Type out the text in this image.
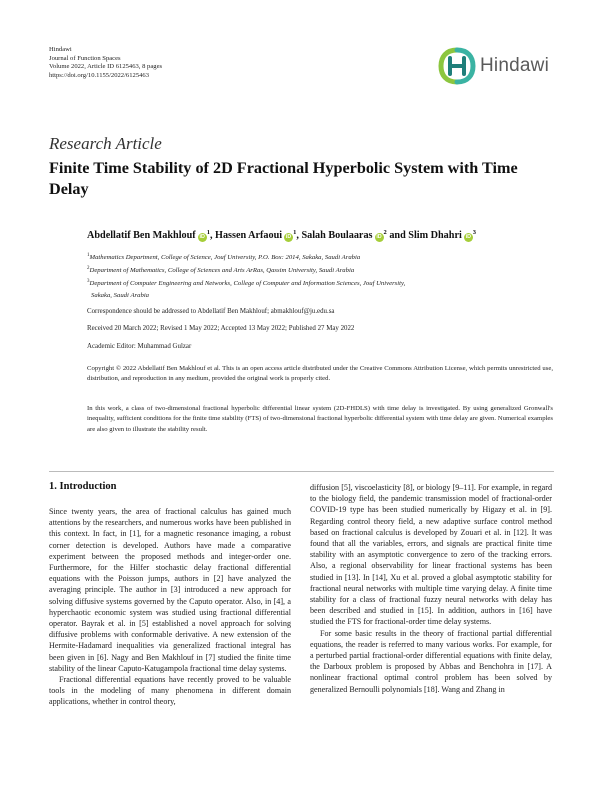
Hindawi
Journal of Function Spaces
Volume 2022, Article ID 6125463, 8 pages
https://doi.org/10.1155/2022/6125463	Hindawi
Research Article
Finite Time Stability of 2D Fractional Hyperbolic System with Time Delay
Abdellatif Ben Makhlouf $iD^1$, Hassen Arfaoui $iD^1$, Salah Boulaaras $iD^2$ and Slim Dhahri $iD^3$
$^1$Mathematics Department, College of Science, Jouf University, P.O. Box: 2014, Sakaka, Saudi Arabia
$^2$Department of Mathematics, College of Sciences and Arts ArRas, Qassim University, Saudi Arabia
$^3$Department of Computer Engineering and Networks, College of Computer and Information Sciences, Jouf University,
Sakaka, Saudi Arabia
Correspondence should be addressed to Abdellatif Ben Makhlouf; abmakhlouf@ju.edu.sa
Received 20 March 2022; Revised 1 May 2022; Accepted 13 May 2022; Published 27 May 2022
Academic Editor: Muhammad Gulzar
Copyright © 2022 Abdellatif Ben Makhlouf et al. This is an open access article distributed under the Creative Commons Attribution License, which permits unrestricted use, distribution, and reproduction in any medium, provided the original work is properly cited.
In this work, a class of two-dimensional fractional hyperbolic differential linear system (2D-FHDLS) with time delay is investigated. By using generalized Gronwall's inequality, sufficient conditions for the finite time stability (FTS) of two-dimensional fractional hyperbolic differential system with time delay are given. Numerical examples are also given to illustrate the stability result.
1. Introduction

Since twenty years, the area of fractional calculus has gained much attentions by the researchers, and numerous works have been published in this context. In fact, in [1], for a magnetic resonance imaging, a robust corner detection is developed. Authors have made a comparative experiment between the proposed methods and integer-order one. Furthermore, for the Hilfer stochastic delay fractional differential equations with the Poisson jumps, authors in [2] have analyzed the averaging principle. The author in [3] introduced a new approach for solving diffusive systems governed by the Caputo operator. Also, in [4], a hyperchaotic economic system was studied using fractional differential operator. Bayrak et al. in [5] established a novel approach for solving diffusive problems with conformable derivative. A new extension of the Hermite-Hadamard inequalities via generalized fractional integral has been given in [6]. Nagy and Ben Makhlouf in [7] studied the finite time stability of the linear Caputo-Katugampola fractional time delay systems.

Fractional differential equations have recently proved to be valuable tools in the modeling of many phenomena in different domain applications, whether in control theory,

diffusion [5], viscoelasticity [8], or biology [9–11]. For example, in regard to the biology field, the pandemic transmission model of fractional-order COVID-19 type has been studied numerically by Higazy et al. in [9]. Regarding control theory field, a new adaptive surface control method based on fractional calculus is developed by Zouari et al. in [12]. It was found that all the variables, errors, and signals are practical finite time stability with an asymptotic convergence to zero of the tracking errors. Also, a regional observability for linear fractional systems has been studied in [13]. In [14], Xu et al. proved a global asymptotic stability for fractional neural networks with multiple time varying delay. A finite time stability for a class of fractional fuzzy neural networks with delay has been described and studied in [15]. In addition, authors in [16] have studied the FTS for fractional-order time delay systems.

For some basic results in the theory of fractional partial differential equations, the reader is referred to many various works. For example, for a perturbed partial fractional-order differential equations with finite delay, the Darboux problem is proposed by Abbas and Benchohra in [17]. A nonlinear fractional optimal control problem has been solved by generalized Bernoulli polynomials [18]. Wang and Zhang in
